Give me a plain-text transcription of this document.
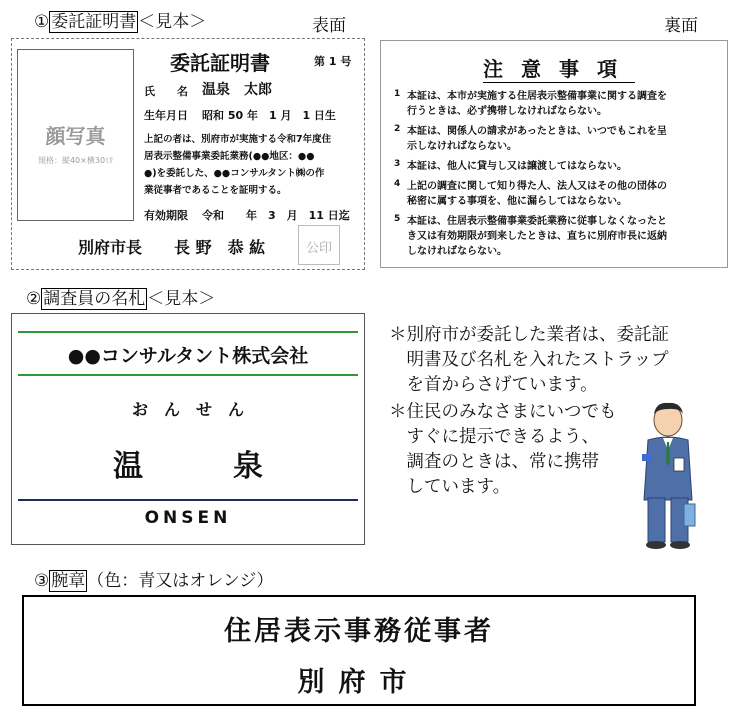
① 委託証明書 ＜見本＞	表面	裏面
顔写真
規格：縦40×横30ﾐﾘ
委託証明書	第 1 号
氏　　名 温泉　太郎
生年月日 昭和 50 年　1 月　1 日生
上記の者は、別府市が実施する令和7年度住
居表示整備事業委託業務(●●地区：●●
●)を委託した、●●コンサルタント㈱の作
業従事者であることを証明する。
有効期限 令和　　年　3　月　11 日迄
別府市長　　長 野　恭 紘	公印
注意事項
1 本証は、本市が実施する住居表示整備事業に関する調査を
行うときは、必ず携帯しなければならない。
2 本証は、関係人の請求があったときは、いつでもこれを呈
示しなければならない。
3 本証は、他人に貸与し又は譲渡してはならない。
4 上記の調査に関して知り得た人、法人又はその他の団体の
秘密に属する事項を、他に漏らしてはならない。
5 本証は、住居表示整備事業委託業務に従事しなくなったと
き又は有効期限が到来したときは、直ちに別府市長に返納
しなければならない。
② 調査員の名札 ＜見本＞
●●コンサルタント株式会社
お　ん　せ　ん
温　　　泉
ONSEN
＊別府市が委託した業者は、委託証
　明書及び名札を入れたストラップ
　を首からさげています。
＊住民のみなさまにいつでも
　すぐに提示できるよう、
　調査のときは、常に携帯
　しています。
③ 腕章 （色：青又はオレンジ）
住居表示事務従事者
別府市
